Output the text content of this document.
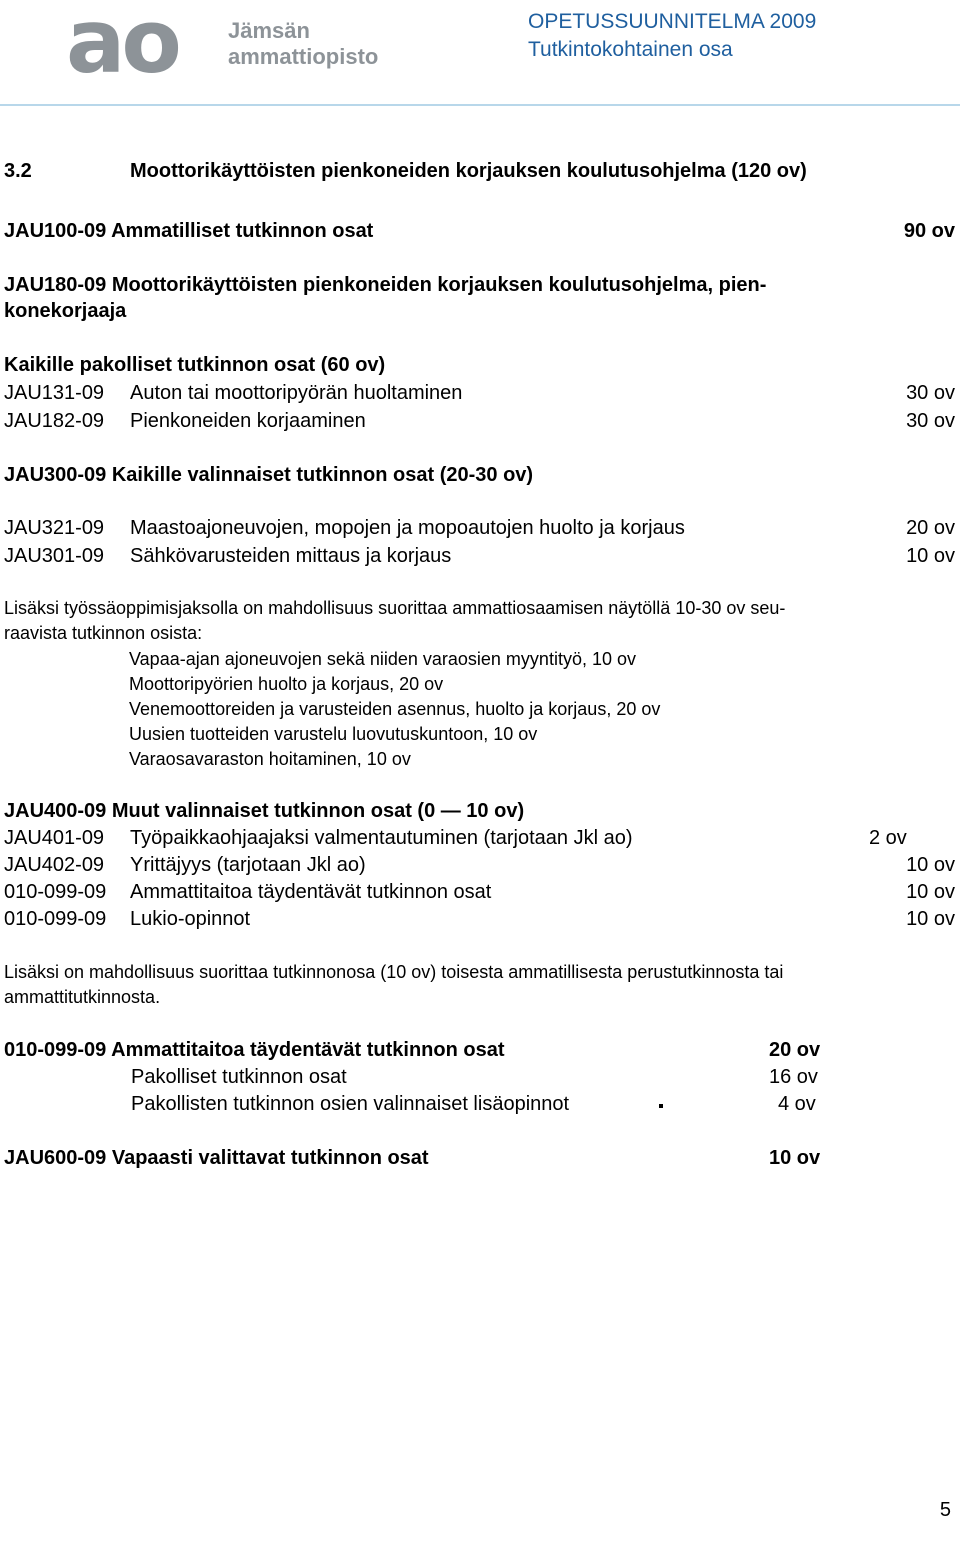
ao Jämsän
ammattiopisto
OPETUSSUUNNITELMA 2009
Tutkintokohtainen osa
3.2	Moottorikäyttöisten pienkoneiden korjauksen koulutusohjelma (120 ov)
JAU100-09 Ammatilliset tutkinnon osat	90 ov
JAU180-09 Moottorikäyttöisten pienkoneiden korjauksen koulutusohjelma, pien-
konekorjaaja
Kaikille pakolliset tutkinnon osat (60 ov)
JAU131-09 Auton tai moottoripyörän huoltaminen	30 ov
JAU182-09 Pienkoneiden korjaaminen	30 ov
JAU300-09 Kaikille valinnaiset tutkinnon osat (20-30 ov)
JAU321-09 Maastoajoneuvojen, mopojen ja mopoautojen huolto ja korjaus	20 ov
JAU301-09 Sähkövarusteiden mittaus ja korjaus	10 ov
Lisäksi työssäoppimisjaksolla on mahdollisuus suorittaa ammattiosaamisen näytöllä 10-30 ov seu-
raavista tutkinnon osista:
Vapaa-ajan ajoneuvojen sekä niiden varaosien myyntityö, 10 ov
Moottoripyörien huolto ja korjaus, 20 ov
Venemoottoreiden ja varusteiden asennus, huolto ja korjaus, 20 ov
Uusien tuotteiden varustelu luovutuskuntoon, 10 ov
Varaosavaraston hoitaminen, 10 ov
JAU400-09 Muut valinnaiset tutkinnon osat (0 — 10 ov)
JAU401-09 Työpaikkaohjaajaksi valmentautuminen (tarjotaan Jkl ao)	2 ov
JAU402-09 Yrittäjyys (tarjotaan Jkl ao)	10 ov
010-099-09 Ammattitaitoa täydentävät tutkinnon osat	10 ov
010-099-09 Lukio-opinnot	10 ov
Lisäksi on mahdollisuus suorittaa tutkinnonosa (10 ov) toisesta ammatillisesta perustutkinnosta tai
ammattitutkinnosta.
010-099-09 Ammattitaitoa täydentävät tutkinnon osat	20 ov
Pakolliset tutkinnon osat	16 ov
Pakollisten tutkinnon osien valinnaiset lisäopinnot	4 ov
JAU600-09 Vapaasti valittavat tutkinnon osat	10 ov
5
